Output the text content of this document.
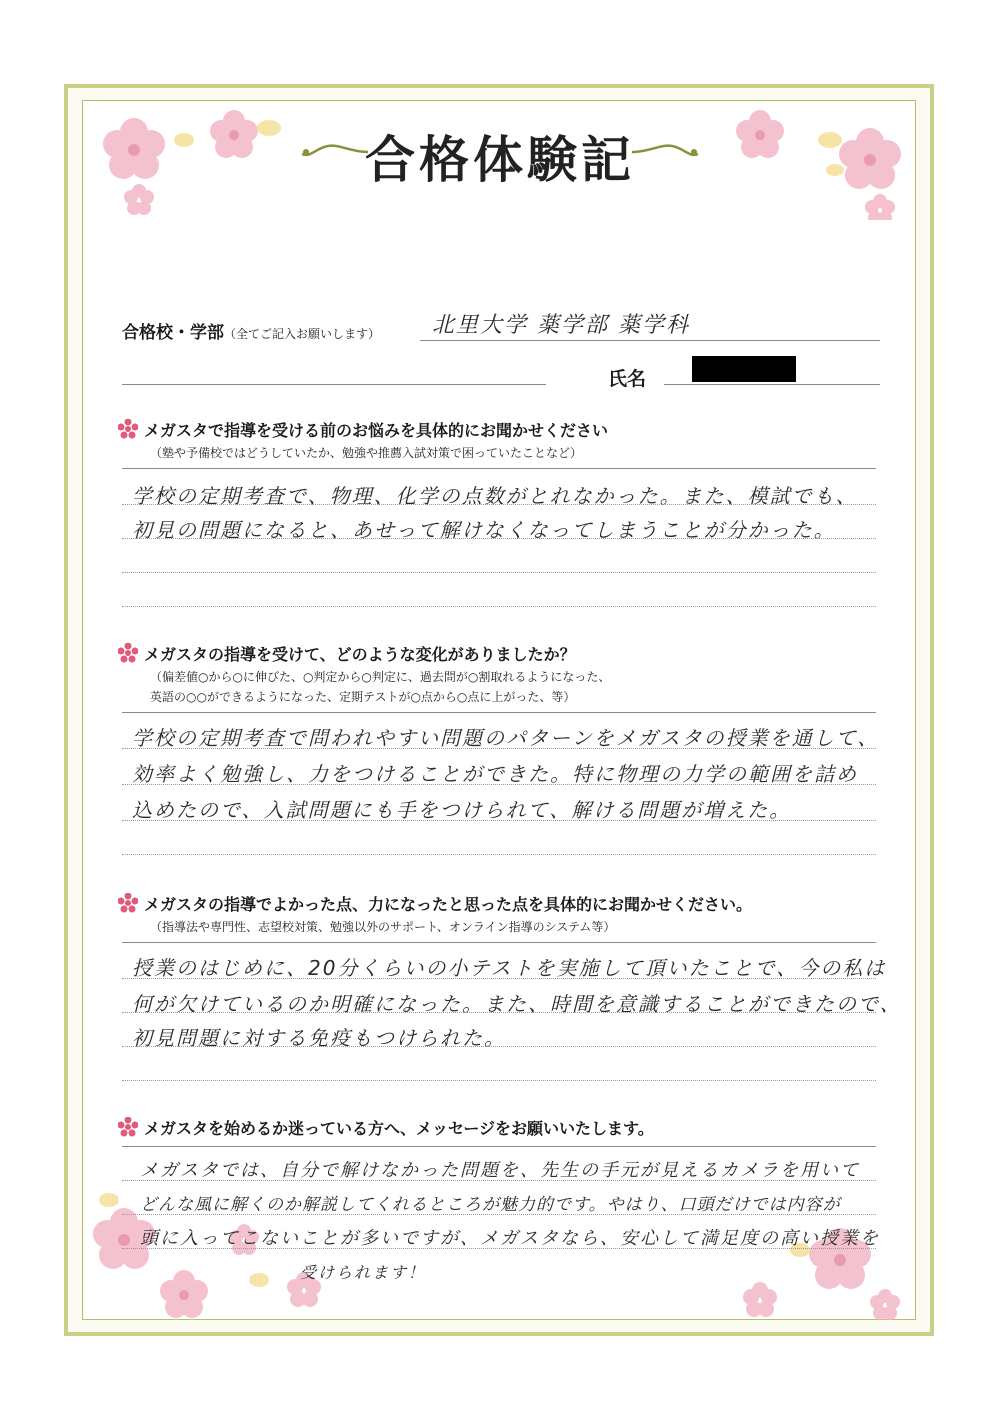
合格体験記
合格校・学部（全てご記入お願いします） 北里大学 薬学部 薬学科
氏名
メガスタで指導を受ける前のお悩みを具体的にお聞かせください
（塾や予備校ではどうしていたか、勉強や推薦入試対策で困っていたことなど）
学校の定期考査で、物理、化学の点数がとれなかった。また、模試でも、
初見の問題になると、あせって解けなくなってしまうことが分かった。
メガスタの指導を受けて、どのような変化がありましたか？
（偏差値○から○に伸びた、○判定から○判定に、過去問が○割取れるようになった、
英語の○○ができるようになった、定期テストが○点から○点に上がった、等）
学校の定期考査で問われやすい問題のパターンをメガスタの授業を通して、
効率よく勉強し、力をつけることができた。特に物理の力学の範囲を詰め
込めたので、入試問題にも手をつけられて、解ける問題が増えた。
メガスタの指導でよかった点、力になったと思った点を具体的にお聞かせください。
（指導法や専門性、志望校対策、勉強以外のサポート、オンライン指導のシステム等）
授業のはじめに、20分くらいの小テストを実施して頂いたことで、今の私は
何が欠けているのか明確になった。また、時間を意識することができたので、
初見問題に対する免疫もつけられた。
メガスタを始めるか迷っている方へ、メッセージをお願いいたします。
メガスタでは、自分で解けなかった問題を、先生の手元が見えるカメラを用いて
どんな風に解くのか解説してくれるところが魅力的です。やはり、口頭だけでは内容が
頭に入ってこないことが多いですが、メガスタなら、安心して満足度の高い授業を
受けられます！
